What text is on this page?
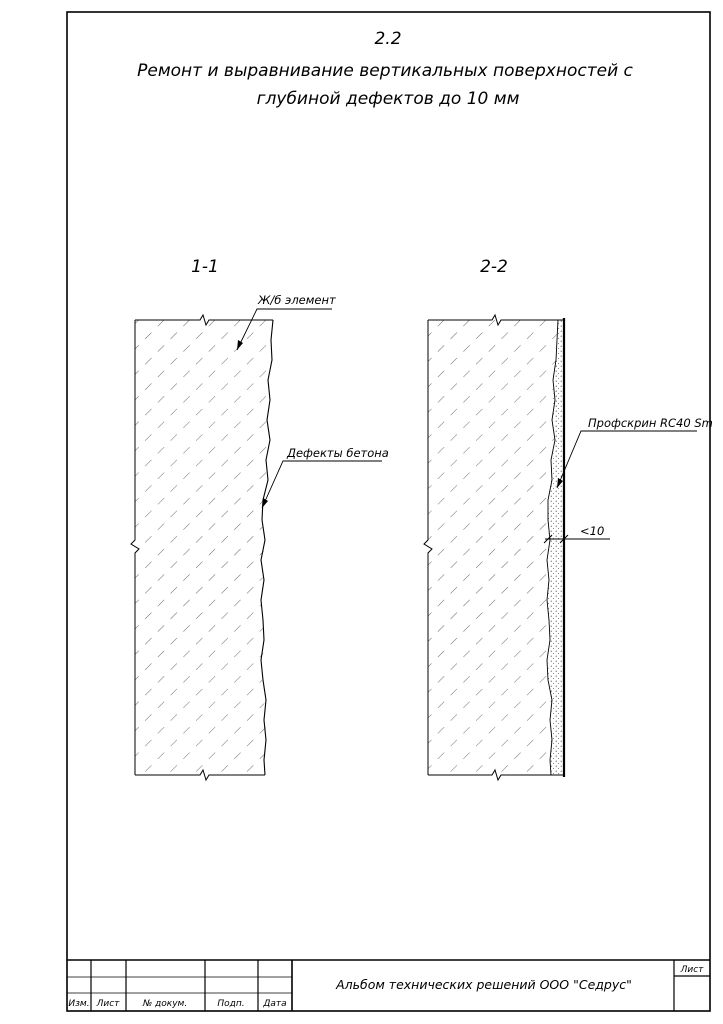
2.2
Ремонт и выравнивание вертикальных поверхностей с
глубиной дефектов до 10 мм
1-1	2-2
Ж/б элемент
Дефекты бетона
Профскрин RC40 Sm
<10
Альбом технических решений ООО "Седрус"
Лист
Изм. Лист	№ докум.	Подп. Дата
